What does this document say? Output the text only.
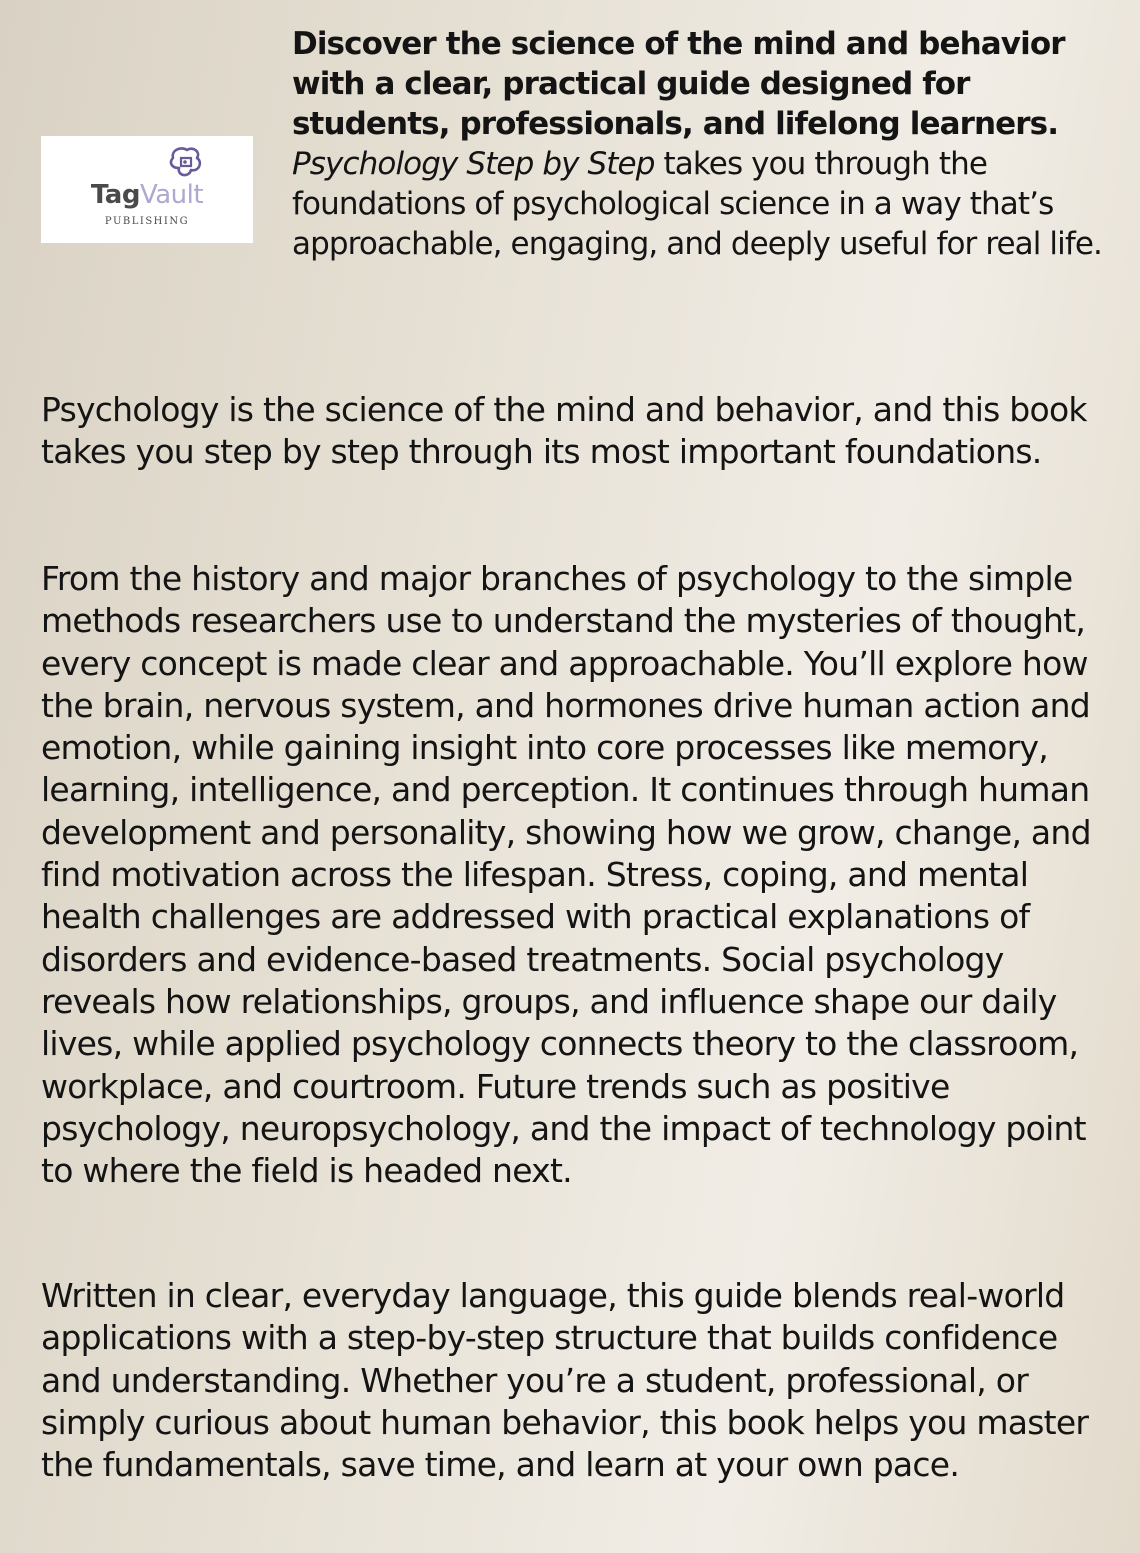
TagVault
PUBLISHING

Discover the science of the mind and behavior with a clear, practical guide designed for students, professionals, and lifelong learners. Psychology Step by Step takes you through the foundations of psychological science in a way that’s approachable, engaging, and deeply useful for real life.

Psychology is the science of the mind and behavior, and this book takes you step by step through its most important foundations.

From the history and major branches of psychology to the simple methods researchers use to understand the mysteries of thought, every concept is made clear and approachable. You’ll explore how the brain, nervous system, and hormones drive human action and emotion, while gaining insight into core processes like memory, learning, intelligence, and perception. It continues through human development and personality, showing how we grow, change, and find motivation across the lifespan. Stress, coping, and mental health challenges are addressed with practical explanations of disorders and evidence-based treatments. Social psychology reveals how relationships, groups, and influence shape our daily lives, while applied psychology connects theory to the classroom, workplace, and courtroom. Future trends such as positive psychology, neuropsychology, and the impact of technology point to where the field is headed next.

Written in clear, everyday language, this guide blends real-world applications with a step-by-step structure that builds confidence and understanding. Whether you’re a student, professional, or simply curious about human behavior, this book helps you master the fundamentals, save time, and learn at your own pace.
